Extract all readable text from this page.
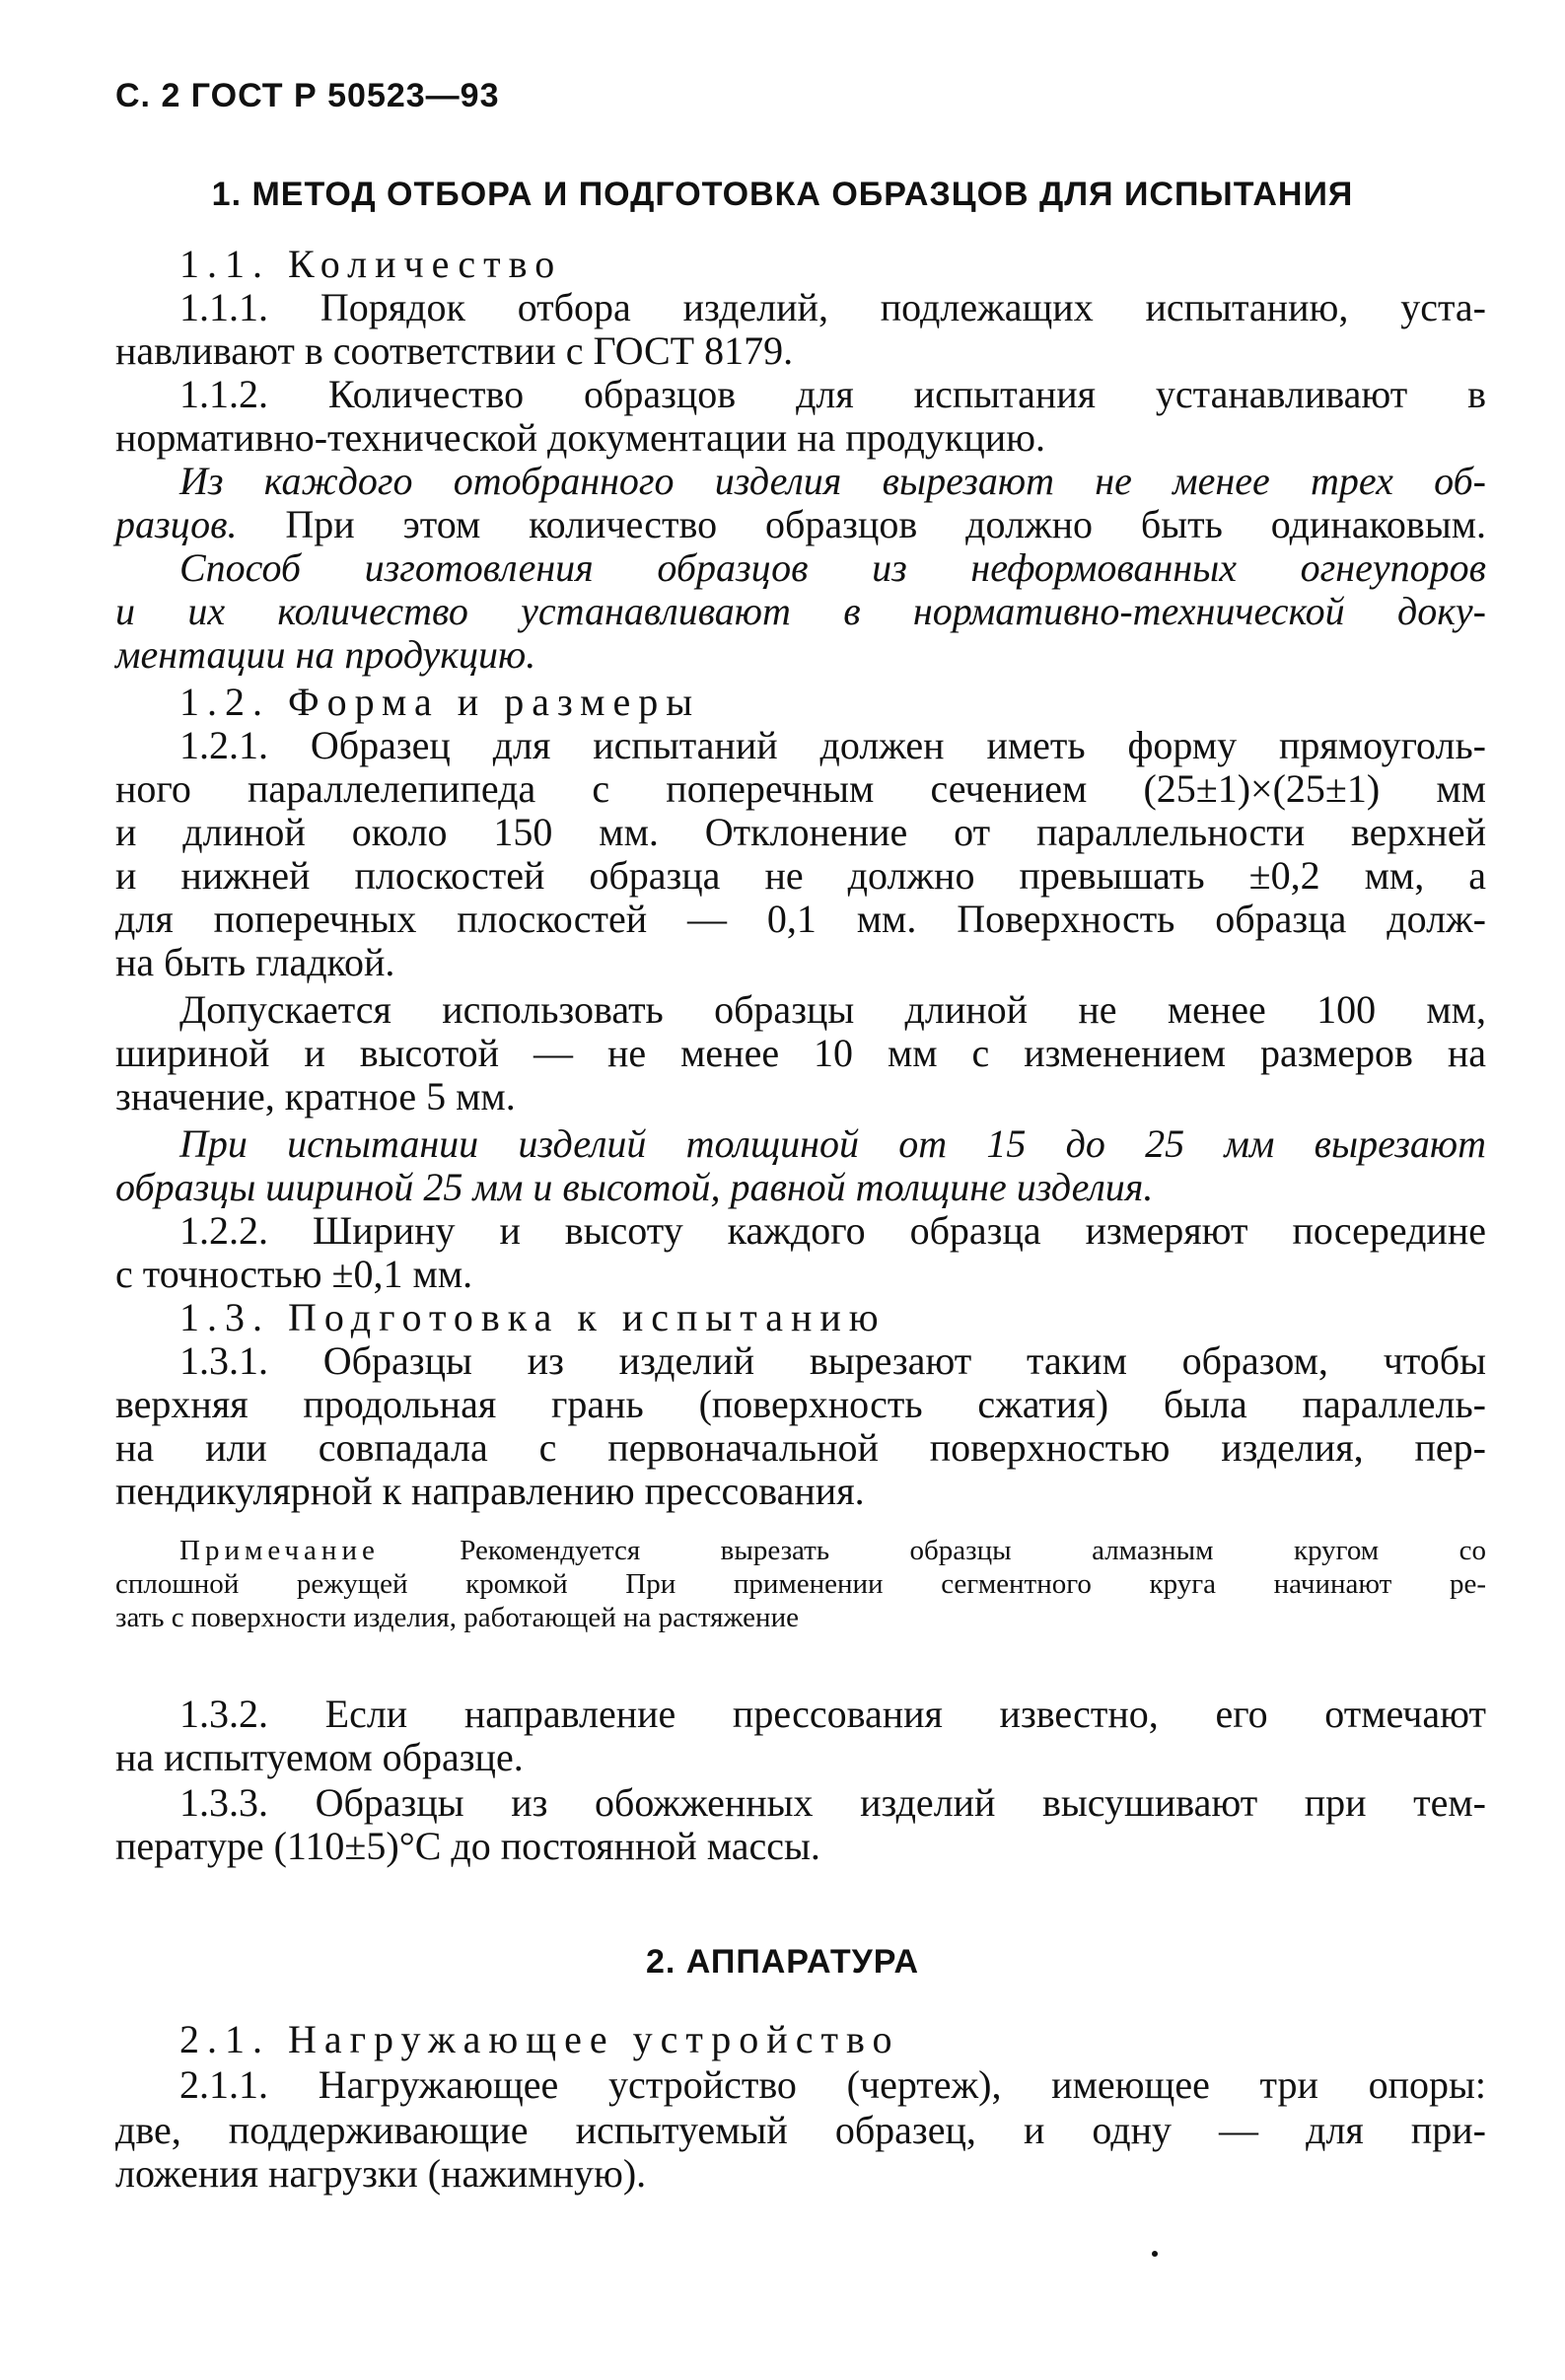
С. 2 ГОСТ Р 50523—93
1. МЕТОД ОТБОРА И ПОДГОТОВКА ОБРАЗЦОВ ДЛЯ ИСПЫТАНИЯ
1.1. Количество
1.1.1. Порядок отбора изделий, подлежащих испытанию, уста-
навливают в соответствии с ГОСТ 8179.
1.1.2. Количество образцов для испытания устанавливают в
нормативно-технической документации на продукцию.
Из каждого отобранного изделия вырезают не менее трех об-
разцов. При этом количество образцов должно быть одинаковым.
Способ изготовления образцов из неформованных огнеупоров
и их количество устанавливают в нормативно-технической доку-
ментации на продукцию.
1.2. Форма и размеры
1.2.1. Образец для испытаний должен иметь форму прямоуголь-
ного параллелепипеда с поперечным сечением (25±1)×(25±1) мм
и длиной около 150 мм. Отклонение от параллельности верхней
и нижней плоскостей образца не должно превышать ±0,2 мм, а
для поперечных плоскостей — 0,1 мм. Поверхность образца долж-
на быть гладкой.
Допускается использовать образцы длиной не менее 100 мм,
шириной и высотой — не менее 10 мм с изменением размеров на
значение, кратное 5 мм.
При испытании изделий толщиной от 15 до 25 мм вырезают
образцы шириной 25 мм и высотой, равной толщине изделия.
1.2.2. Ширину и высоту каждого образца измеряют посередине
с точностью ±0,1 мм.
1.3. Подготовка к испытанию
1.3.1. Образцы из изделий вырезают таким образом, чтобы
верхняя продольная грань (поверхность сжатия) была параллель-
на или совпадала с первоначальной поверхностью изделия, пер-
пендикулярной к направлению прессования.
Примечание Рекомендуется вырезать образцы алмазным кругом со
сплошной режущей кромкой При применении сегментного круга начинают ре-
зать с поверхности изделия, работающей на растяжение
1.3.2. Если направление прессования известно, его отмечают
на испытуемом образце.
1.3.3. Образцы из обожженных изделий высушивают при тем-
пературе (110±5)°С до постоянной массы.
2. АППАРАТУРА
2.1. Нагружающее устройство
2.1.1. Нагружающее устройство (чертеж), имеющее три опоры:
две, поддерживающие испытуемый образец, и одну — для при-
ложения нагрузки (нажимную).
